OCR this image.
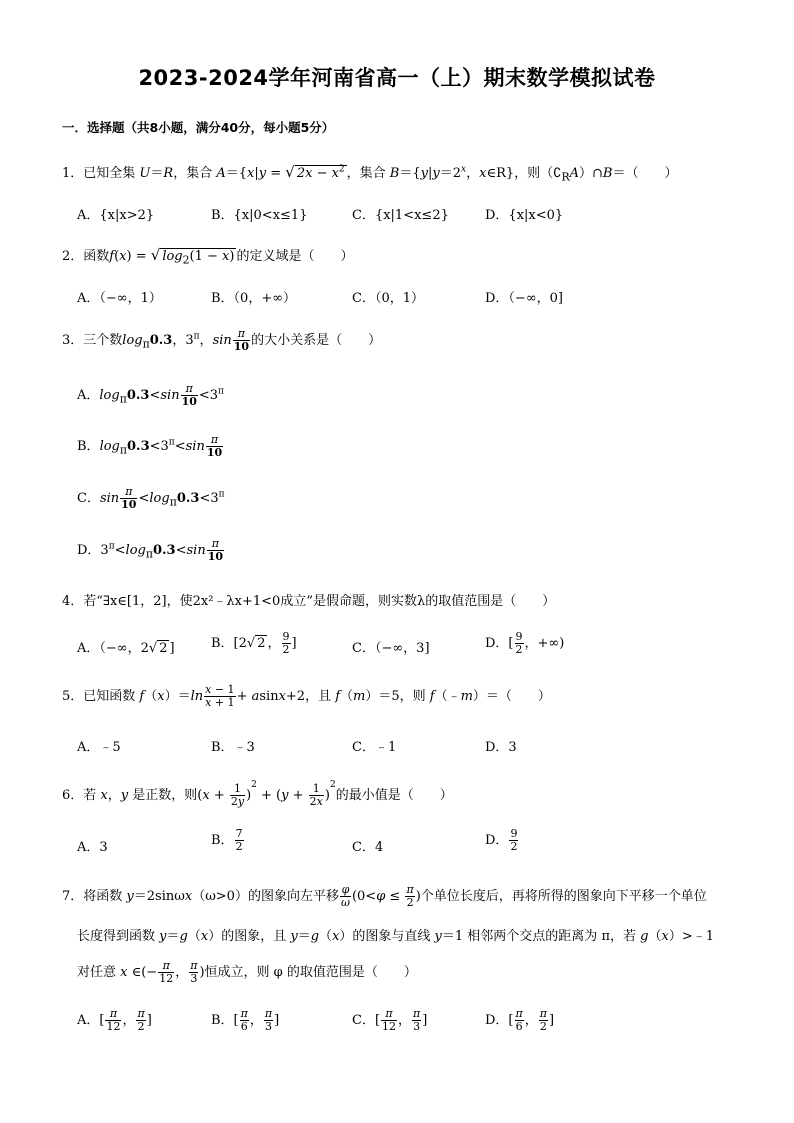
2023-2024学年河南省高一（上）期末数学模拟试卷
一．选择题（共8小题，满分40分，每小题5分）
1．已知全集 U＝R，集合 A＝{x|y = √ $2x - x^2$ ，集合 $B=\{y|y=2^x$，x∈R}，则$(∁_RA)\cap B=$（　　）
A．{x|x>2}	B．{x|0<x≤1}	C．{x|1<x≤2}	D．{x|x<0}
2．函数f(x) = √ $\log_2(1 - x)$ 的定义域是（　　）
A．（−∞，1）	B．（0，+∞）	C．（0，1）	D．（−∞，0]
3．三个数$\log_\pi 0.3$，$3^\pi$，$\sin \frac{\pi}{10}$ 的大小关系是（　　）
A．$\log_\pi 0.3<\sin \frac{\pi}{10} <3^\pi$
B．$\log_\pi 0.3<3^\pi<\sin \frac{\pi}{10}$
C．$\sin \frac{\pi}{10} <\log_\pi 0.3<3^\pi$
D．$3^\pi<\log_\pi 0.3<\sin \frac{\pi}{10}$
4．若“∃x∈[1，2]，使2x²﹣λx+1<0成立”是假命题，则实数λ的取值范围是（　　）
A．（−∞，2√ 2 ]	B．[2√ 2 ， $\frac{9}{2}$ ]	C．（−∞，3]	D．[ $\frac{9}{2}$ ，+∞)
5．已知函数 $f(x)=\ln \frac{x - 1}{x + 1} + asinx+2$，且 f（m）＝5，则 f（﹣m）＝（　　）
A．﹣5	B．﹣3	C．﹣1	D．3
6．若 x，y 是正数，则$(x + \frac{1}{2y} )^2 + (y + \frac{1}{2x} )^2$的最小值是（　　）
A．3	B． $\frac{7}{2}$	C．4	D． $\frac{9}{2}$
7．将函数 y＝2sinωx（ω>0）的图象向左平移 $\frac{\varphi}{\omega} (0<\varphi \le \frac{\pi}{2}$ )个单位长度后，再将所得的图象向下平移一个单位
长度得到函数 y＝g（x）的图象，且 y＝g（x）的图象与直线 y＝1 相邻两个交点的距离为 π，若 g（x）>﹣1
对任意 x ∈(− $\frac{\pi}{12}$ ， $\frac{\pi}{3}$ )恒成立，则 φ 的取值范围是（　　）
A．[ $\frac{\pi}{12}$ ， $\frac{\pi}{2}$ ]	B．[ $\frac{\pi}{6}$ ， $\frac{\pi}{3}$ ]	C．[ $\frac{\pi}{12}$ ， $\frac{\pi}{3}$ ]	D．[ $\frac{\pi}{6}$ ， $\frac{\pi}{2}$ ]
